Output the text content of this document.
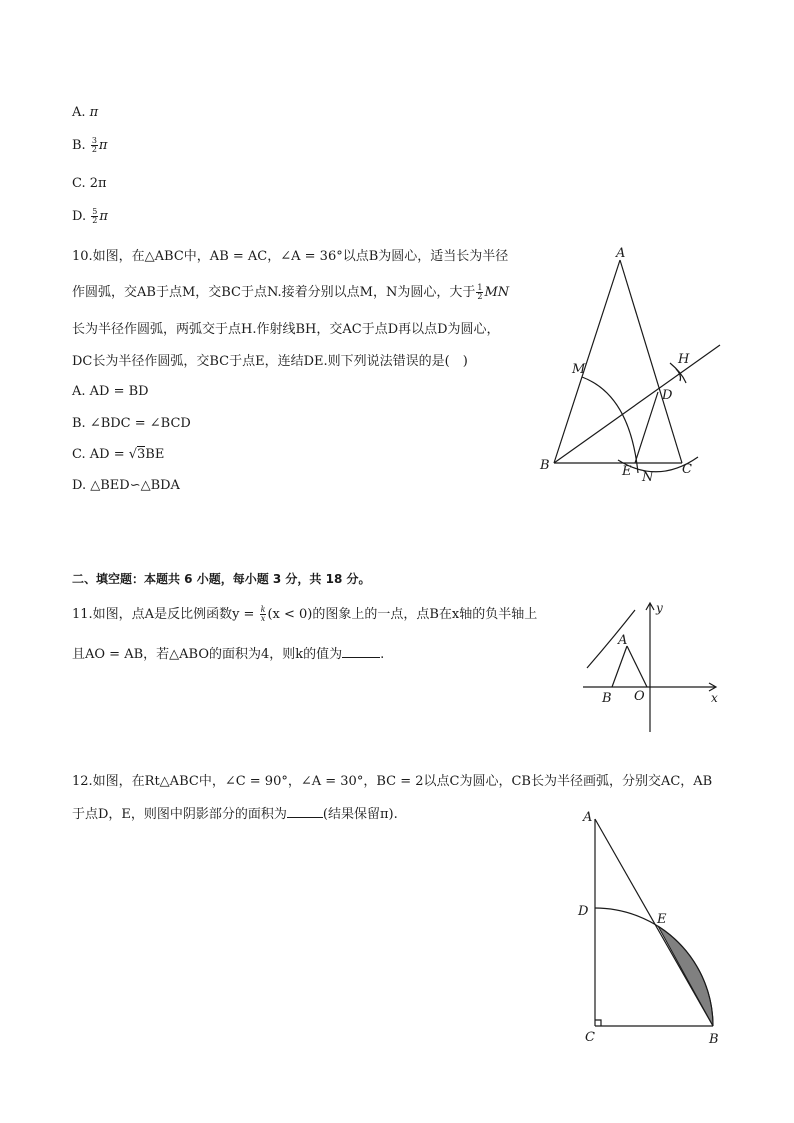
A. π
B. $\frac{3}{2}$ π
C. 2π
D. $\frac{5}{2}$ π
10.如图，在△ABC中，AB = AC，∠A = 36°以点B为圆心，适当长为半径
作圆弧，交AB于点M，交BC于点N.接着分别以点M，N为圆心，大于 $\frac{1}{2}$ MN
长为半径作圆弧，两弧交于点H.作射线BH，交AC于点D再以点D为圆心，
DC长为半径作圆弧，交BC于点E，连结DE.则下列说法错误的是(　)
A. AD = BD
B. ∠BDC = ∠BCD
C. AD = √3BE
D. △BED∽△BDA
A
B	C
D
E
M
N
H
二、填空题：本题共 6 小题，每小题 3 分，共 18 分。
11.如图，点A是反比例函数$y = \frac{k}{x} (x < 0)$的图象上的一点，点B在x轴的负半轴上
且AO = AB，若△ABO的面积为4，则k的值为	.
y
x
A
B O
12.如图，在Rt△ABC中，∠C = 90°，∠A = 30°，BC = 2以点C为圆心，CB长为半径画弧，分别交AC，AB
于点D，E，则图中阴影部分的面积为	(结果保留π).	A
D
E
C	B
